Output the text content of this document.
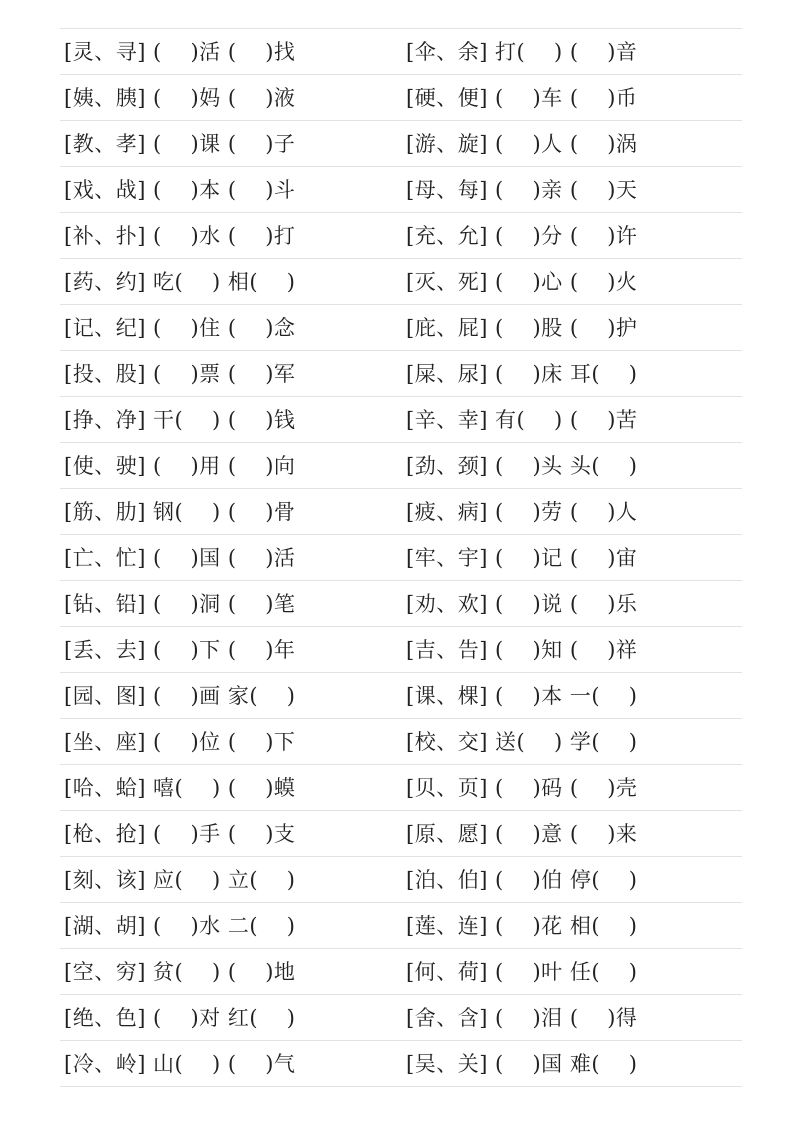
[灵、寻] (    )活 (    )找	[伞、余] 打(    ) (    )音
[姨、胰] (    )妈 (    )液	[硬、便] (    )车 (    )币
[教、孝] (    )课 (    )子	[游、旋] (    )人 (    )涡
[戏、战] (    )本 (    )斗	[母、每] (    )亲 (    )天
[补、扑] (    )水 (    )打	[充、允] (    )分 (    )许
[药、约] 吃(    ) 相(    )	[灭、死] (    )心 (    )火
[记、纪] (    )住 (    )念	[庇、屁] (    )股 (    )护
[投、股] (    )票 (    )军	[屎、尿] (    )床 耳(    )
[挣、净] 干(    ) (    )钱	[辛、幸] 有(    ) (    )苦
[使、驶] (    )用 (    )向	[劲、颈] (    )头 头(    )
[筋、肋] 钢(    ) (    )骨	[疲、病] (    )劳 (    )人
[亡、忙] (    )国 (    )活	[牢、宇] (    )记 (    )宙
[钻、铅] (    )洞 (    )笔	[劝、欢] (    )说 (    )乐
[丢、去] (    )下 (    )年	[吉、告] (    )知 (    )祥
[园、图] (    )画 家(    )	[课、棵] (    )本 一(    )
[坐、座] (    )位 (    )下	[校、交] 送(    ) 学(    )
[哈、蛤] 嘻(    ) (    )蟆	[贝、页] (    )码 (    )壳
[枪、抢] (    )手 (    )支	[原、愿] (    )意 (    )来
[刻、该] 应(    ) 立(    )	[泊、伯] (    )伯 停(    )
[湖、胡] (    )水 二(    )	[莲、连] (    )花 相(    )
[空、穷] 贫(    ) (    )地	[何、荷] (    )叶 任(    )
[绝、色] (    )对 红(    )	[舍、含] (    )泪 (    )得
[冷、岭] 山(    ) (    )气	[吴、关] (    )国 难(    )
